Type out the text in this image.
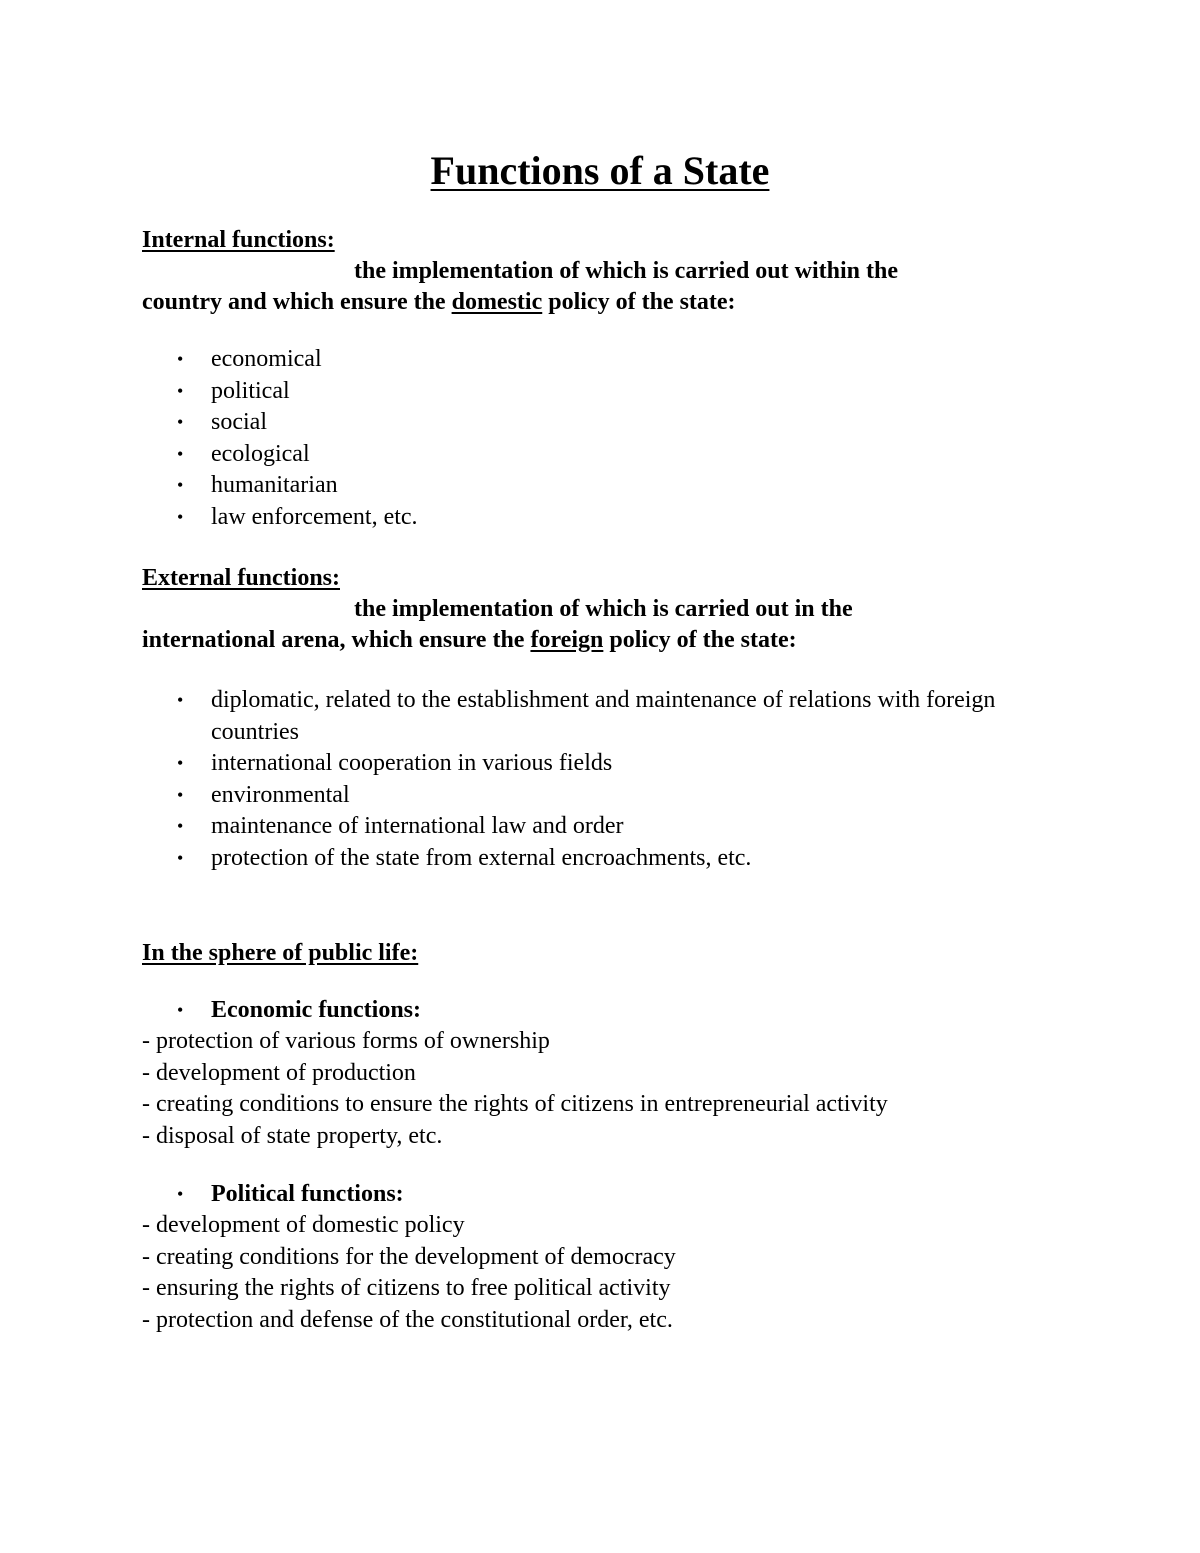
Functions of a State
Internal functions:
the implementation of which is carried out within the
country and which ensure the domestic policy of the state:
• economical
• political
• social
• ecological
• humanitarian
• law enforcement, etc.
External functions:
the implementation of which is carried out in the
international arena, which ensure the foreign policy of the state:
• diplomatic, related to the establishment and maintenance of relations with foreign countries
• international cooperation in various fields
• environmental
• maintenance of international law and order
• protection of the state from external encroachments, etc.
In the sphere of public life:
• Economic functions:
- protection of various forms of ownership
- development of production
- creating conditions to ensure the rights of citizens in entrepreneurial activity
- disposal of state property, etc.
• Political functions:
- development of domestic policy
- creating conditions for the development of democracy
- ensuring the rights of citizens to free political activity
- protection and defense of the constitutional order, etc.
